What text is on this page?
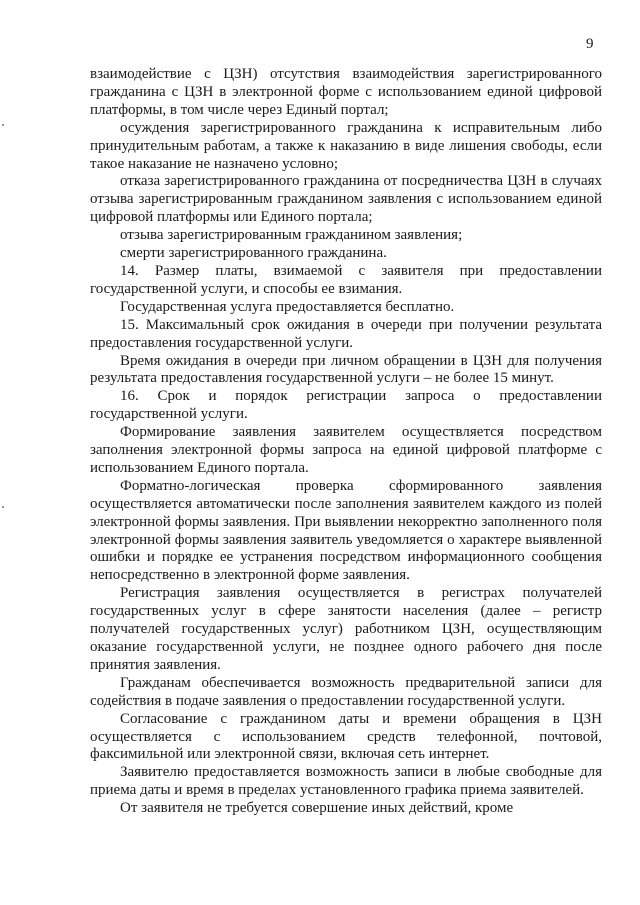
9

взаимодействие с ЦЗН) отсутствия взаимодействия зарегистрированного гражданина с ЦЗН в электронной форме с использованием единой цифровой платформы, в том числе через Единый портал;

осуждения зарегистрированного гражданина к исправительным либо принудительным работам, а также к наказанию в виде лишения свободы, если такое наказание не назначено условно;

отказа зарегистрированного гражданина от посредничества ЦЗН в случаях отзыва зарегистрированным гражданином заявления с использованием единой цифровой платформы или Единого портала;

отзыва зарегистрированным гражданином заявления;

смерти зарегистрированного гражданина.

14. Размер платы, взимаемой с заявителя при предоставлении государственной услуги, и способы ее взимания.

Государственная услуга предоставляется бесплатно.

15. Максимальный срок ожидания в очереди при получении результата предоставления государственной услуги.

Время ожидания в очереди при личном обращении в ЦЗН для получения результата предоставления государственной услуги – не более 15 минут.

16. Срок и порядок регистрации запроса о предоставлении государственной услуги.

Формирование заявления заявителем осуществляется посредством заполнения электронной формы запроса на единой цифровой платформе с использованием Единого портала.

Форматно-логическая проверка сформированного заявления осуществляется автоматически после заполнения заявителем каждого из полей электронной формы заявления. При выявлении некорректно заполненного поля электронной формы заявления заявитель уведомляется о характере выявленной ошибки и порядке ее устранения посредством информационного сообщения непосредственно в электронной форме заявления.

Регистрация заявления осуществляется в регистрах получателей государственных услуг в сфере занятости населения (далее – регистр получателей государственных услуг) работником ЦЗН, осуществляющим оказание государственной услуги, не позднее одного рабочего дня после принятия заявления.

Гражданам обеспечивается возможность предварительной записи для содействия в подаче заявления о предоставлении государственной услуги.

Согласование с гражданином даты и времени обращения в ЦЗН осуществляется с использованием средств телефонной, почтовой, факсимильной или электронной связи, включая сеть интернет.

Заявителю предоставляется возможность записи в любые свободные для приема даты и время в пределах установленного графика приема заявителей.

От заявителя не требуется совершение иных действий, кроме
